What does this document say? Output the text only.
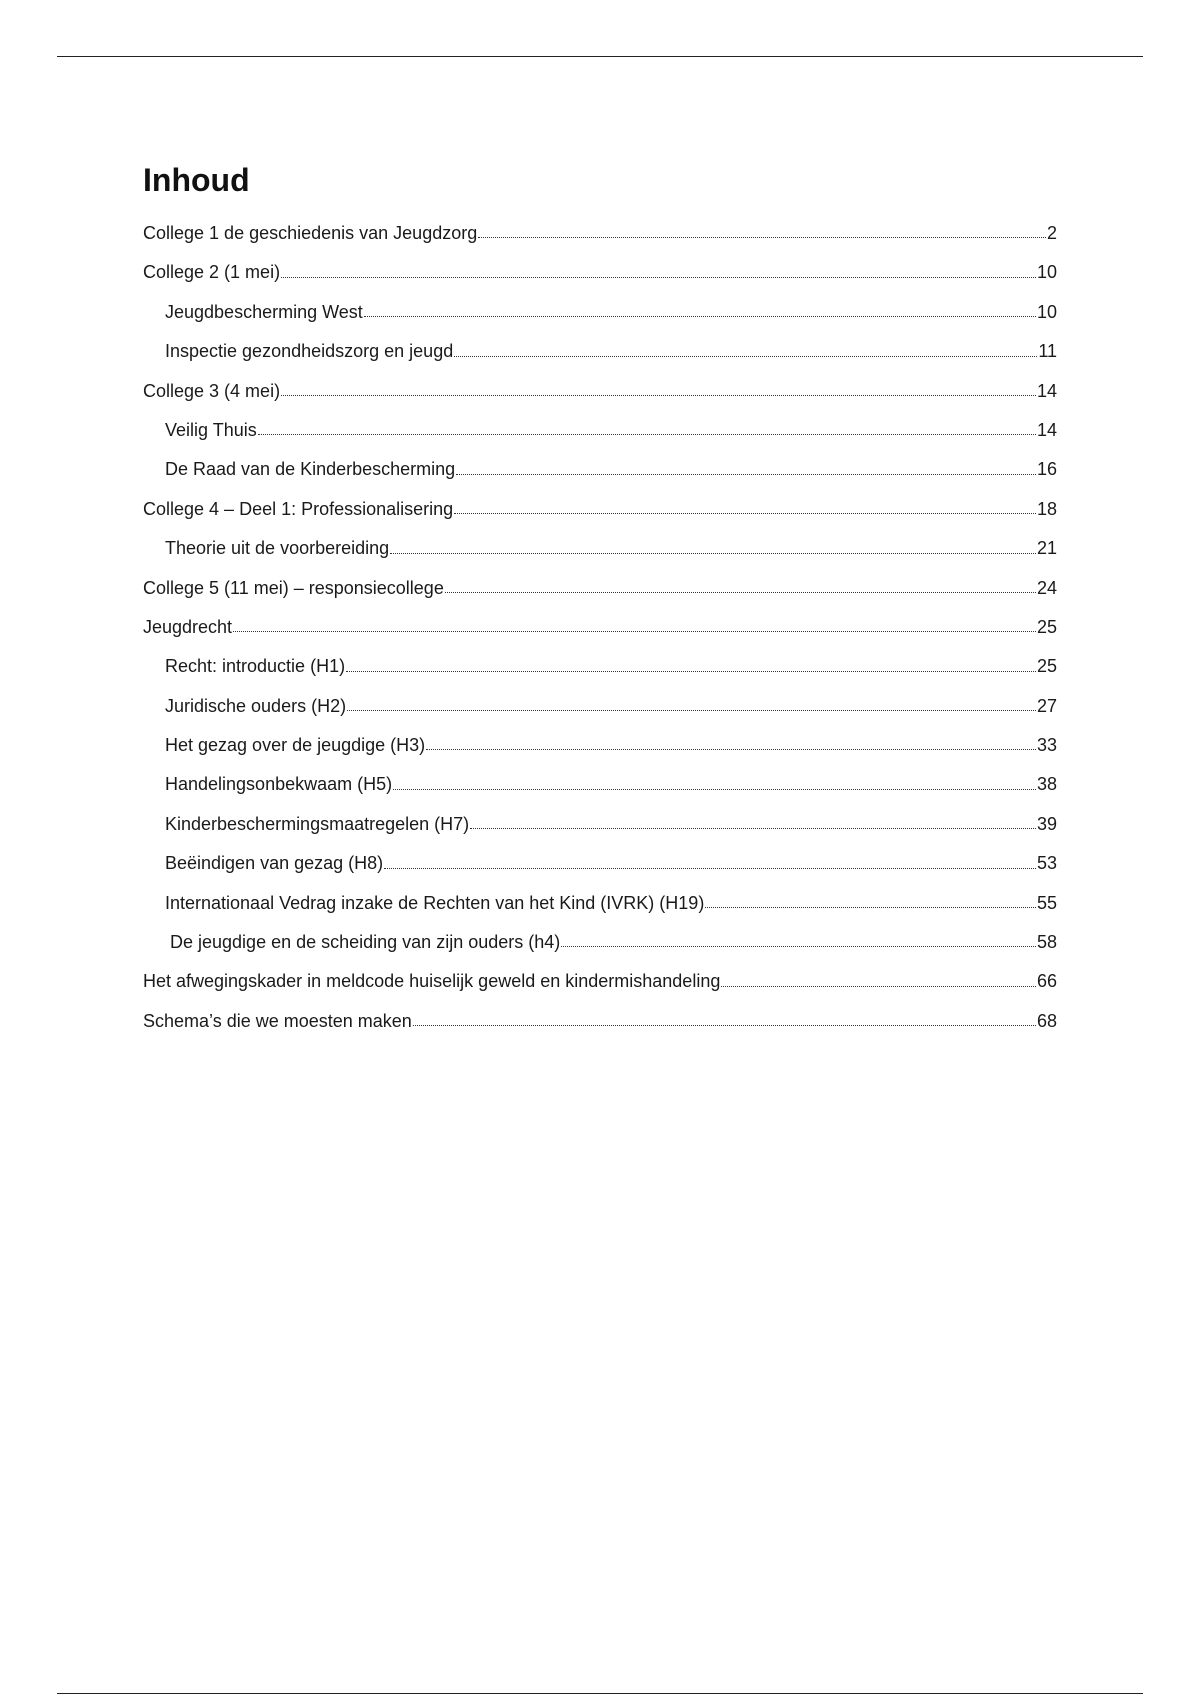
Inhoud
College 1 de geschiedenis van Jeugdzorg	2
College 2 (1 mei)	10
Jeugdbescherming West	10
Inspectie gezondheidszorg en jeugd	11
College 3 (4 mei)	14
Veilig Thuis	14
De Raad van de Kinderbescherming	16
College 4 – Deel 1: Professionalisering	18
Theorie uit de voorbereiding	21
College 5 (11 mei) – responsiecollege	24
Jeugdrecht	25
Recht: introductie (H1)	25
Juridische ouders (H2)	27
Het gezag over de jeugdige (H3)	33
Handelingsonbekwaam (H5)	38
Kinderbeschermingsmaatregelen (H7)	39
Beëindigen van gezag (H8)	53
Internationaal Vedrag inzake de Rechten van het Kind (IVRK) (H19)	55
De jeugdige en de scheiding van zijn ouders (h4)	58
Het afwegingskader in meldcode huiselijk geweld en kindermishandeling	66
Schema’s die we moesten maken	68
